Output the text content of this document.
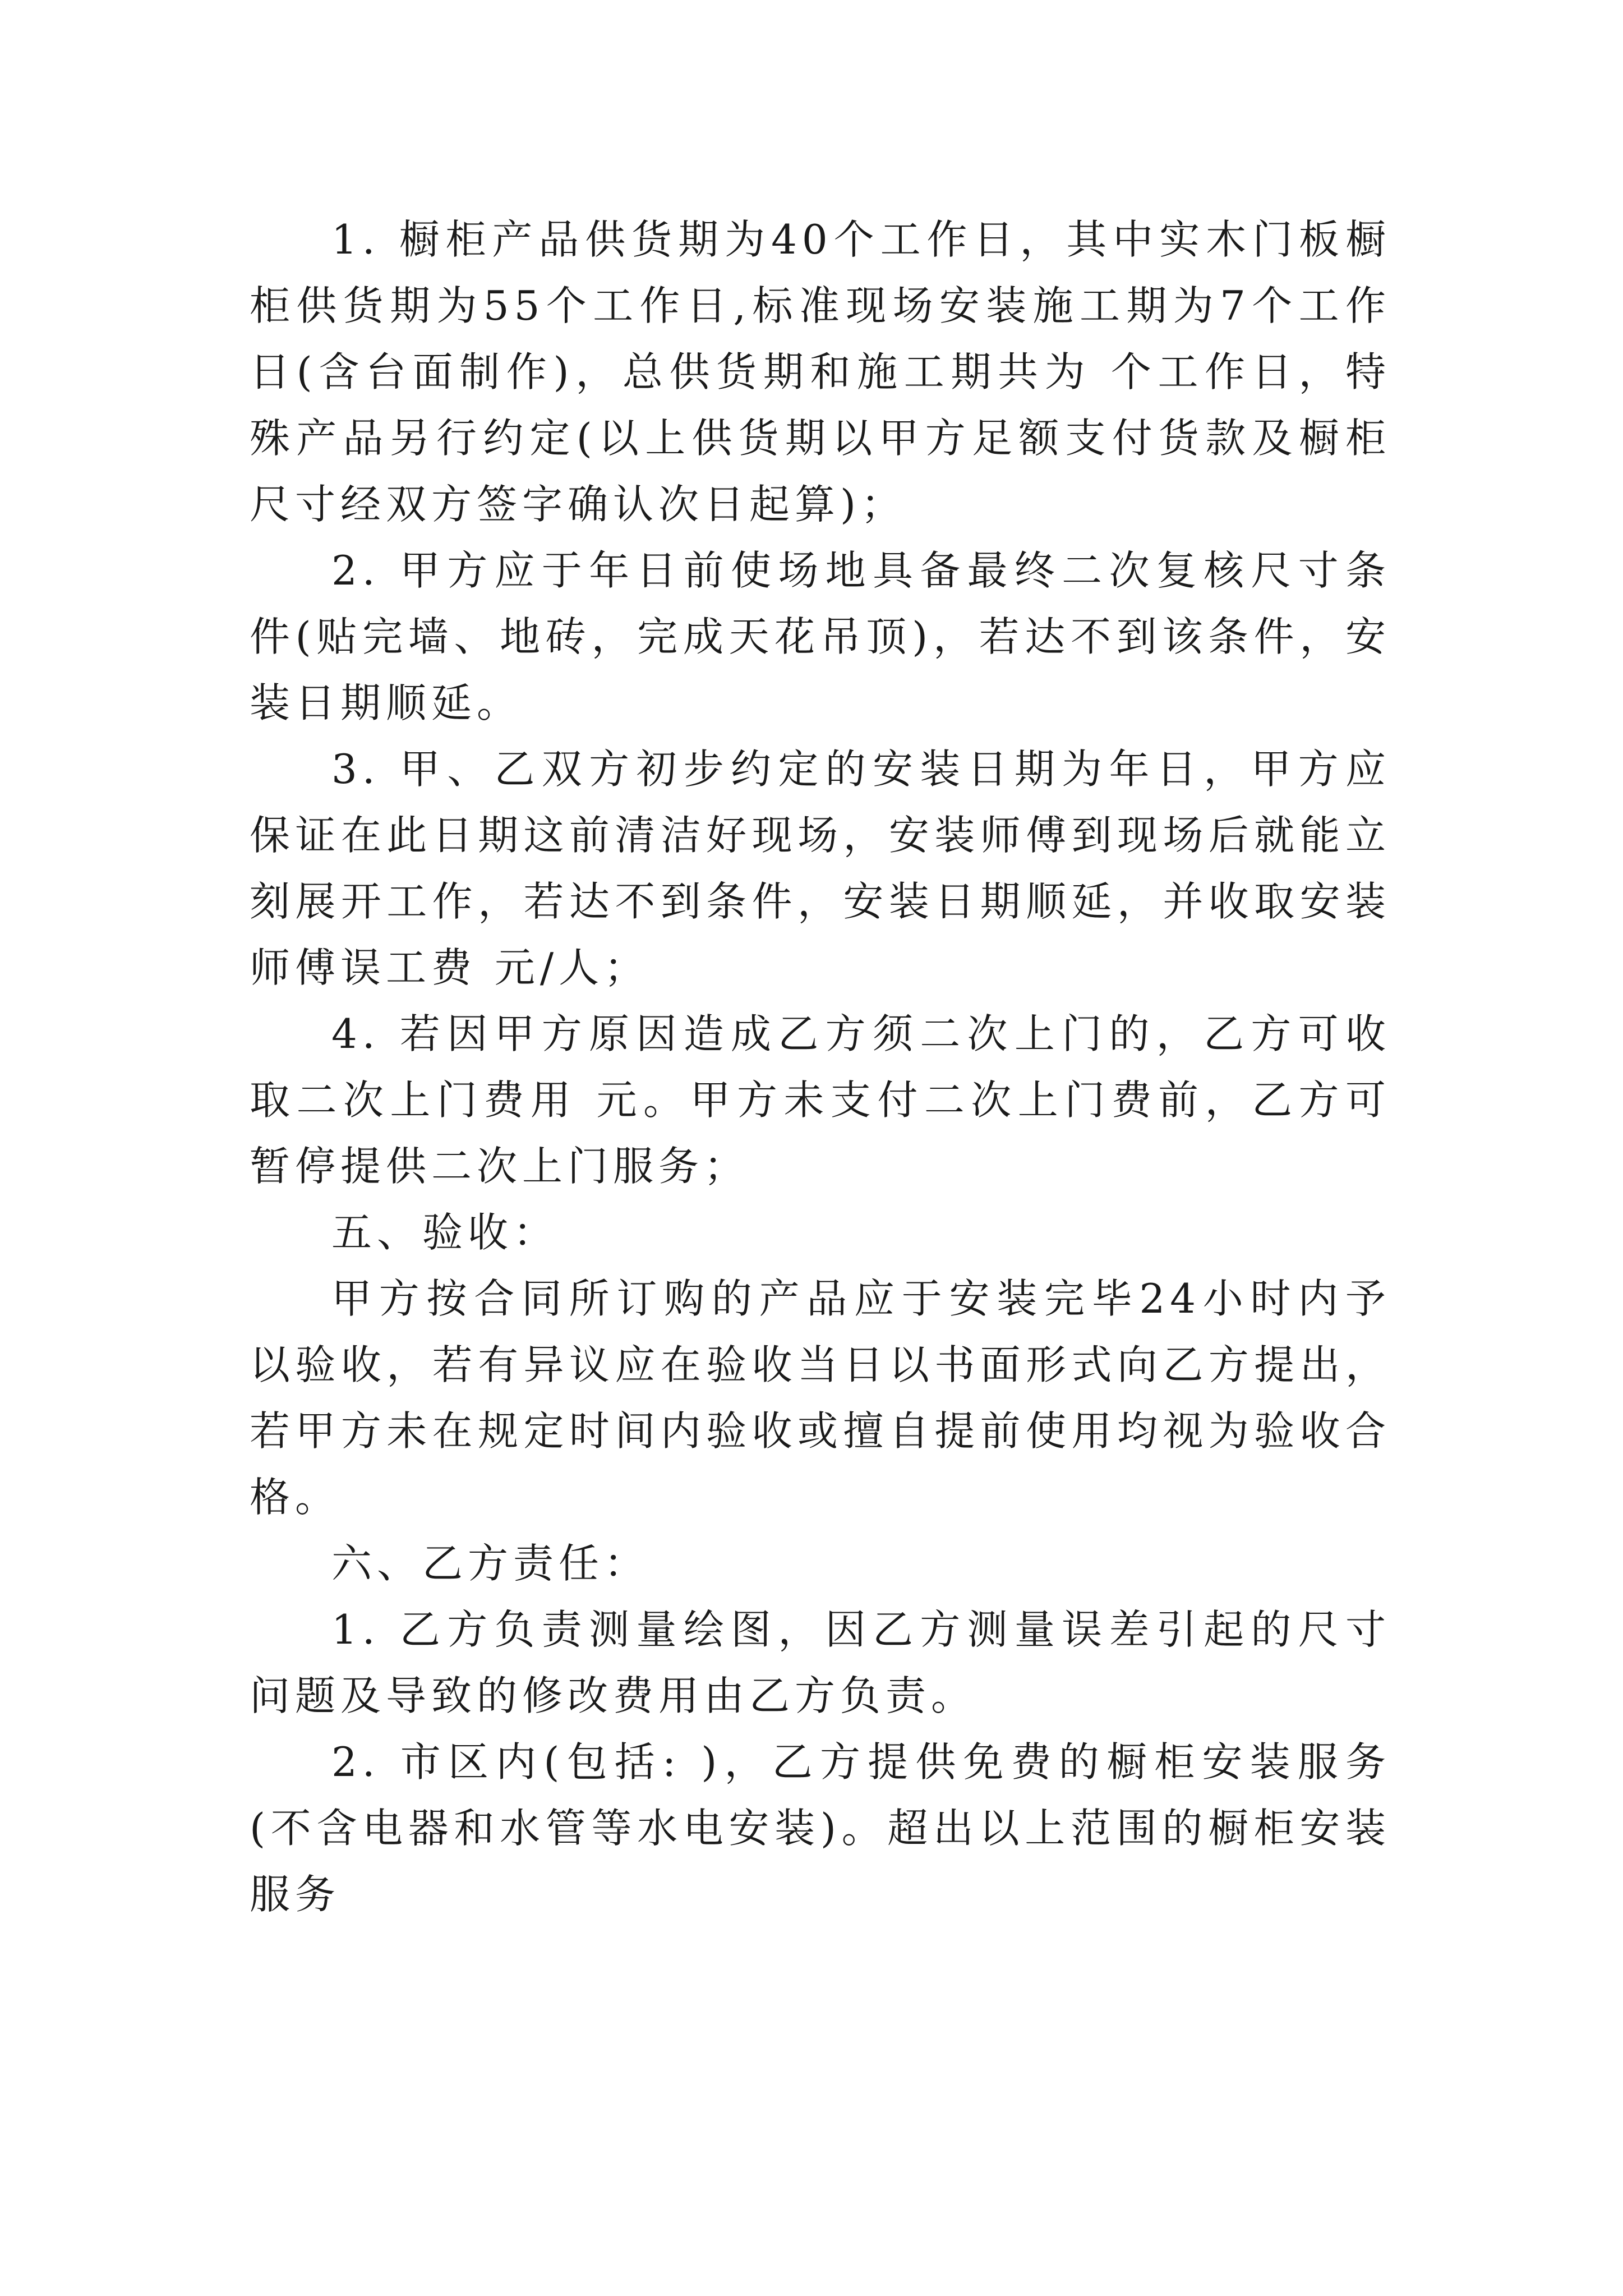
1. 橱柜产品供货期为40个工作日，其中实木门板橱柜供货期为55个工作日,标准现场安装施工期为7个工作日(含台面制作)，总供货期和施工期共为 个工作日，特殊产品另行约定(以上供货期以甲方足额支付货款及橱柜尺寸经双方签字确认次日起算)；

2. 甲方应于年日前使场地具备最终二次复核尺寸条件(贴完墙、地砖，完成天花吊顶)，若达不到该条件，安装日期顺延。

3. 甲、乙双方初步约定的安装日期为年日，甲方应保证在此日期这前清洁好现场，安装师傅到现场后就能立刻展开工作，若达不到条件，安装日期顺延，并收取安装师傅误工费 元/人；

4. 若因甲方原因造成乙方须二次上门的，乙方可收取二次上门费用 元。甲方未支付二次上门费前，乙方可暂停提供二次上门服务；

五、验收：

甲方按合同所订购的产品应于安装完毕24小时内予以验收，若有异议应在验收当日以书面形式向乙方提出，若甲方未在规定时间内验收或擅自提前使用均视为验收合格。

六、乙方责任：

1. 乙方负责测量绘图，因乙方测量误差引起的尺寸问题及导致的修改费用由乙方负责。

2. 市区内(包括: )，乙方提供免费的橱柜安装服务(不含电器和水管等水电安装)。超出以上范围的橱柜安装服务
